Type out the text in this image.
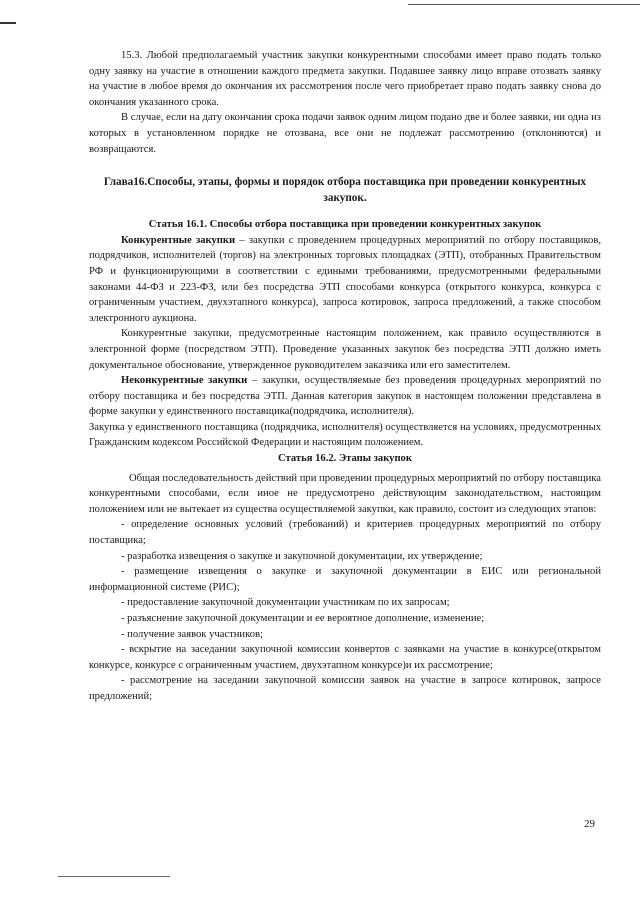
15.3. Любой предполагаемый участник закупки конкурентными способами имеет право подать только одну заявку на участие в отношении каждого предмета закупки. Подавшее заявку лицо вправе отозвать заявку на участие в любое время до окончания их рассмотрения после чего приобретает право подать заявку снова до окончания указанного срока.

В случае, если на дату окончания срока подачи заявок одним лицом подано две и более заявки, ни одна из которых в установленном порядке не отозвана, все они не подлежат рассмотрению (отклоняются) и возвращаются.

Глава16.Способы, этапы, формы и порядок отбора поставщика при проведении конкурентных закупок.

Статья 16.1. Способы отбора поставщика при проведении конкурентных закупок

Конкурентные закупки – закупки с проведением процедурных мероприятий по отбору поставщиков, подрядчиков, исполнителей (торгов) на электронных торговых площадках (ЭТП), отобранных Правительством РФ и функционирующими в соответствии с едиными требованиями, предусмотренными федеральными законами 44-ФЗ и 223-ФЗ, или без посредства ЭТП способами конкурса (открытого конкурса, конкурса с ограниченным участием, двухэтапного конкурса), запроса котировок, запроса предложений, а также способом электронного аукциона.

Конкурентные закупки, предусмотренные настоящим положением, как правило осуществляются в электронной форме (посредством ЭТП). Проведение указанных закупок без посредства ЭТП должно иметь документальное обоснование, утвержденное руководителем заказчика или его заместителем.

Неконкурентные закупки – закупки, осуществляемые без проведения процедурных мероприятий по отбору поставщика и без посредства ЭТП. Данная категория закупок в настоящем положении представлена в форме закупки у единственного поставщика(подрядчика, исполнителя).

Закупка у единственного поставщика (подрядчика, исполнителя) осуществляется на условиях, предусмотренных Гражданским кодексом Российской Федерации и настоящим положением.

Статья 16.2. Этапы закупок

Общая последовательность действий при проведении процедурных мероприятий по отбору поставщика конкурентными способами, если иное не предусмотрено действующим законодательством, настоящим положением или не вытекает из существа осуществляемой закупки, как правило, состоит из следующих этапов:

- определение основных условий (требований) и критериев процедурных мероприятий по отбору поставщика;

- разработка извещения о закупке и закупочной документации, их утверждение;

- размещение извещения о закупке и закупочной документации в ЕИС или региональной информационной системе (РИС);

- предоставление закупочной документации участникам по их запросам;

- разъяснение закупочной документации и ее вероятное дополнение, изменение;

- получение заявок участников;

- вскрытие на заседании закупочной комиссии конвертов с заявками на участие в конкурсе(открытом конкурсе, конкурсе с ограниченным участием, двухэтапном конкурсе)и их рассмотрение;

- рассмотрение на заседании закупочной комиссии заявок на участие в запросе котировок, запросе предложений;

29
